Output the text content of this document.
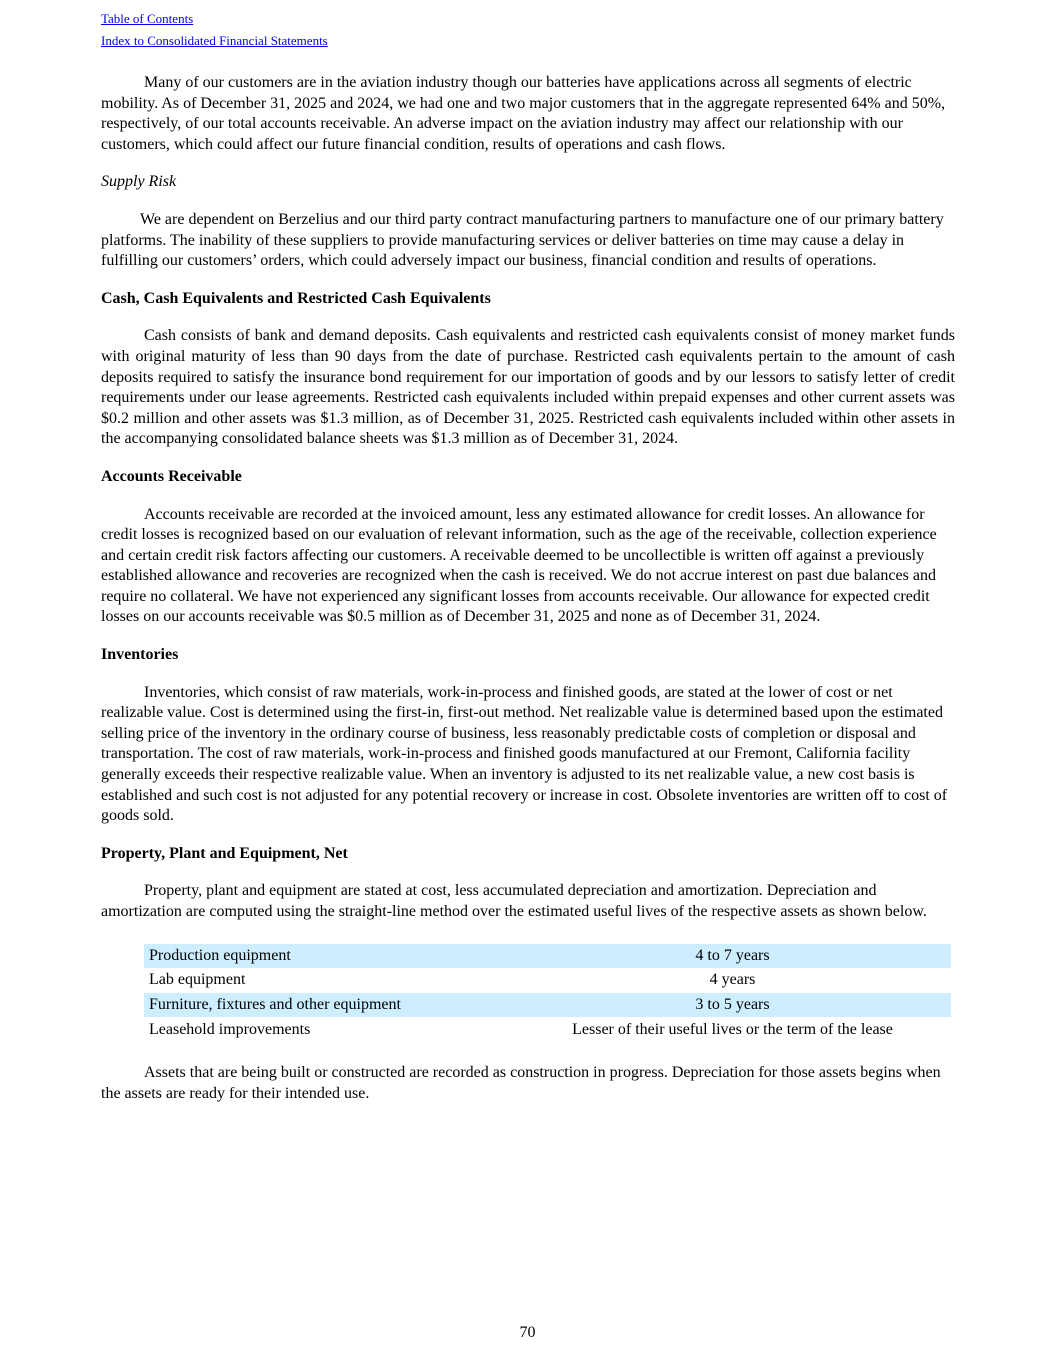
Table of Contents
Index to Consolidated Financial Statements

Many of our customers are in the aviation industry though our batteries have applications across all segments of electric mobility. As of December 31, 2025 and 2024, we had one and two major customers that in the aggregate represented 64% and 50%, respectively, of our total accounts receivable. An adverse impact on the aviation industry may affect our relationship with our customers, which could affect our future financial condition, results of operations and cash flows.

Supply Risk

We are dependent on Berzelius and our third party contract manufacturing partners to manufacture one of our primary battery platforms. The inability of these suppliers to provide manufacturing services or deliver batteries on time may cause a delay in fulfilling our customers’ orders, which could adversely impact our business, financial condition and results of operations.

Cash, Cash Equivalents and Restricted Cash Equivalents

Cash consists of bank and demand deposits. Cash equivalents and restricted cash equivalents consist of money market funds with original maturity of less than 90 days from the date of purchase. Restricted cash equivalents pertain to the amount of cash deposits required to satisfy the insurance bond requirement for our importation of goods and by our lessors to satisfy letter of credit requirements under our lease agreements. Restricted cash equivalents included within prepaid expenses and other current assets was $0.2 million and other assets was $1.3 million, as of December 31, 2025. Restricted cash equivalents included within other assets in the accompanying consolidated balance sheets was $1.3 million as of December 31, 2024.

Accounts Receivable

Accounts receivable are recorded at the invoiced amount, less any estimated allowance for credit losses. An allowance for credit losses is recognized based on our evaluation of relevant information, such as the age of the receivable, collection experience and certain credit risk factors affecting our customers. A receivable deemed to be uncollectible is written off against a previously established allowance and recoveries are recognized when the cash is received. We do not accrue interest on past due balances and require no collateral. We have not experienced any significant losses from accounts receivable. Our allowance for expected credit losses on our accounts receivable was $0.5 million as of December 31, 2025 and none as of December 31, 2024.

Inventories

Inventories, which consist of raw materials, work-in-process and finished goods, are stated at the lower of cost or net realizable value. Cost is determined using the first-in, first-out method. Net realizable value is determined based upon the estimated selling price of the inventory in the ordinary course of business, less reasonably predictable costs of completion or disposal and transportation. The cost of raw materials, work-in-process and finished goods manufactured at our Fremont, California facility generally exceeds their respective realizable value. When an inventory is adjusted to its net realizable value, a new cost basis is established and such cost is not adjusted for any potential recovery or increase in cost. Obsolete inventories are written off to cost of goods sold.

Property, Plant and Equipment, Net

Property, plant and equipment are stated at cost, less accumulated depreciation and amortization. Depreciation and amortization are computed using the straight-line method over the estimated useful lives of the respective assets as shown below.

Production equipment	4 to 7 years
Lab equipment	4 years
Furniture, fixtures and other equipment	3 to 5 years
Leasehold improvements	Lesser of their useful lives or the term of the lease

Assets that are being built or constructed are recorded as construction in progress. Depreciation for those assets begins when the assets are ready for their intended use.

70
